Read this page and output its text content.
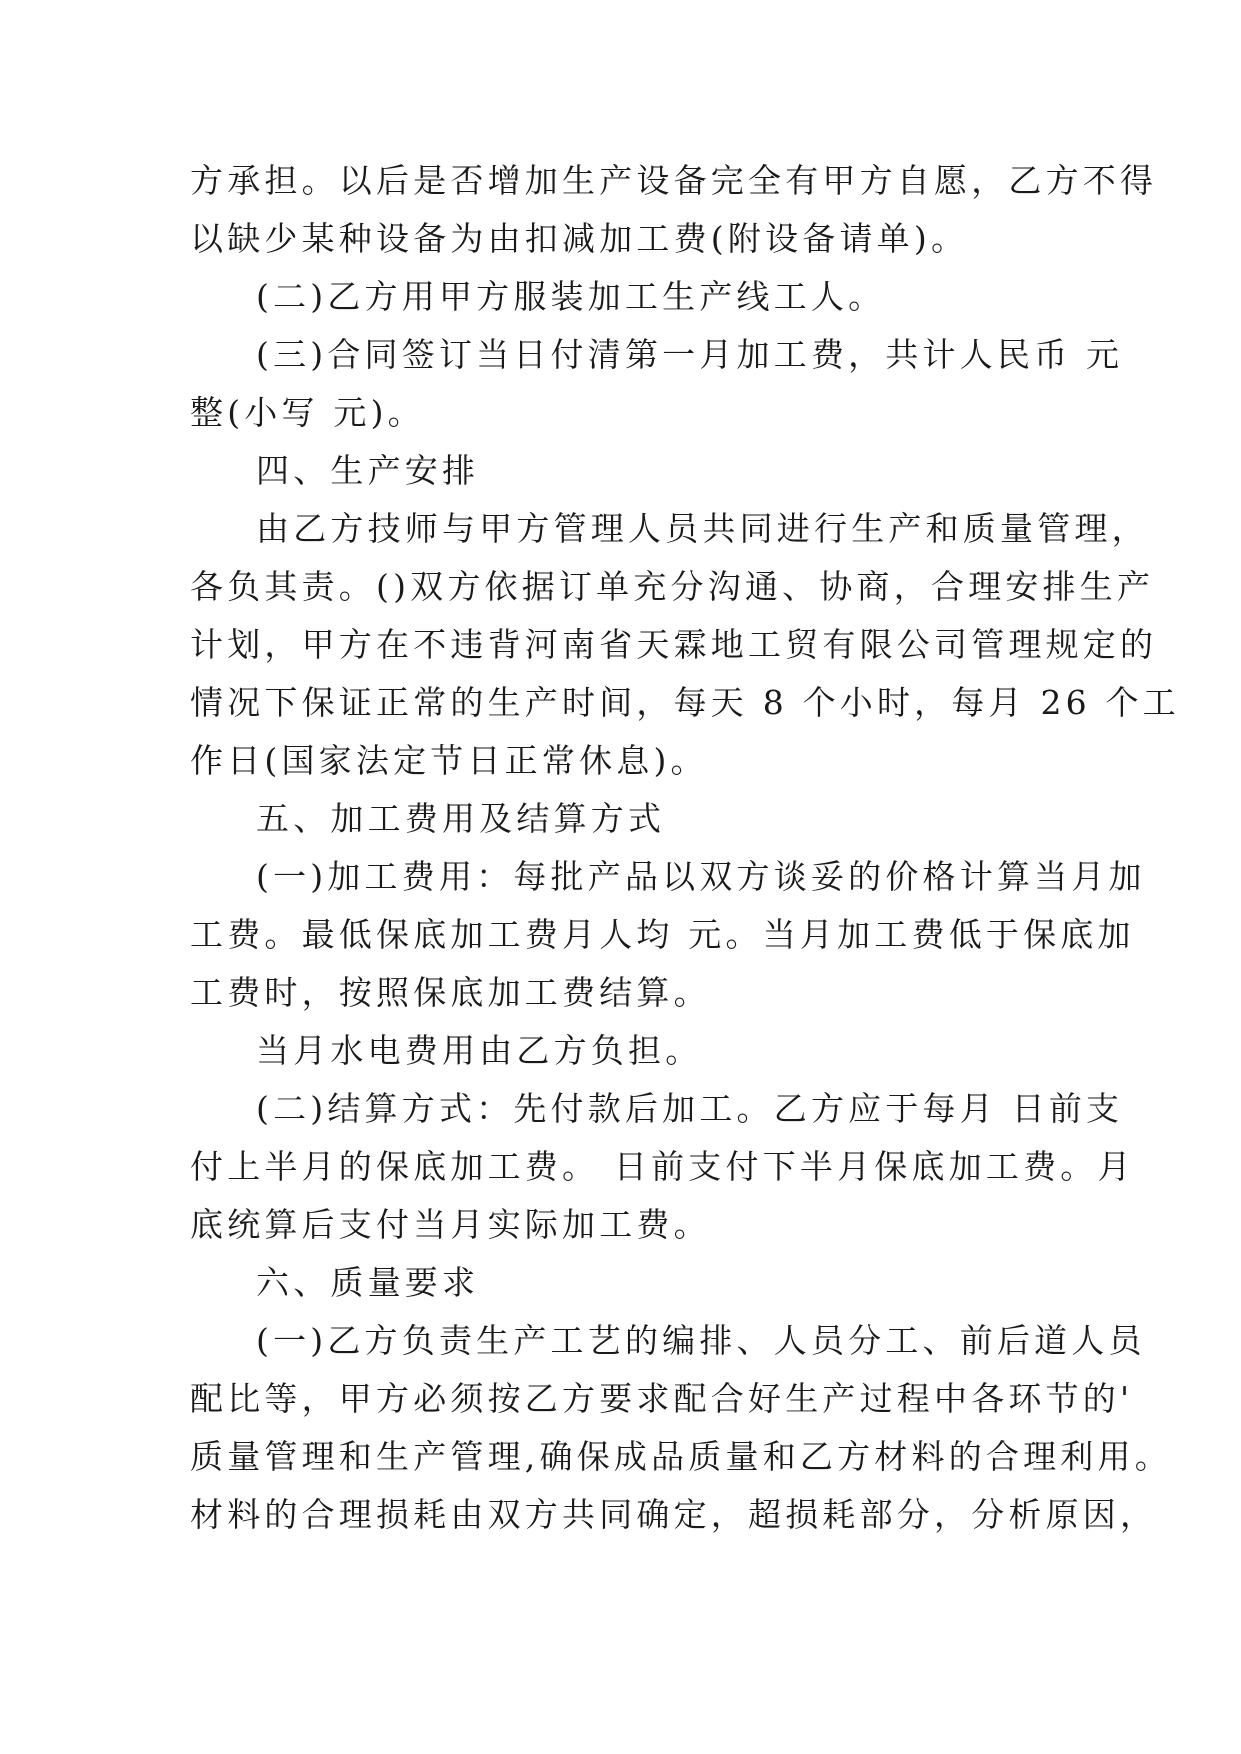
方承担。以后是否增加生产设备完全有甲方自愿，乙方不得
以缺少某种设备为由扣减加工费(附设备请单)。
(二)乙方用甲方服装加工生产线工人。
(三)合同签订当日付清第一月加工费，共计人民币 元
整(小写 元)。
四、生产安排
由乙方技师与甲方管理人员共同进行生产和质量管理，
各负其责。()双方依据订单充分沟通、协商，合理安排生产
计划，甲方在不违背河南省天霖地工贸有限公司管理规定的
情况下保证正常的生产时间，每天 8 个小时，每月 26 个工
作日(国家法定节日正常休息)。
五、加工费用及结算方式
(一)加工费用：每批产品以双方谈妥的价格计算当月加
工费。最低保底加工费月人均 元。当月加工费低于保底加
工费时，按照保底加工费结算。
当月水电费用由乙方负担。
(二)结算方式：先付款后加工。乙方应于每月 日前支
付上半月的保底加工费。 日前支付下半月保底加工费。月
底统算后支付当月实际加工费。
六、质量要求
(一)乙方负责生产工艺的编排、人员分工、前后道人员
配比等，甲方必须按乙方要求配合好生产过程中各环节的'
质量管理和生产管理,确保成品质量和乙方材料的合理利用。
材料的合理损耗由双方共同确定，超损耗部分，分析原因，
